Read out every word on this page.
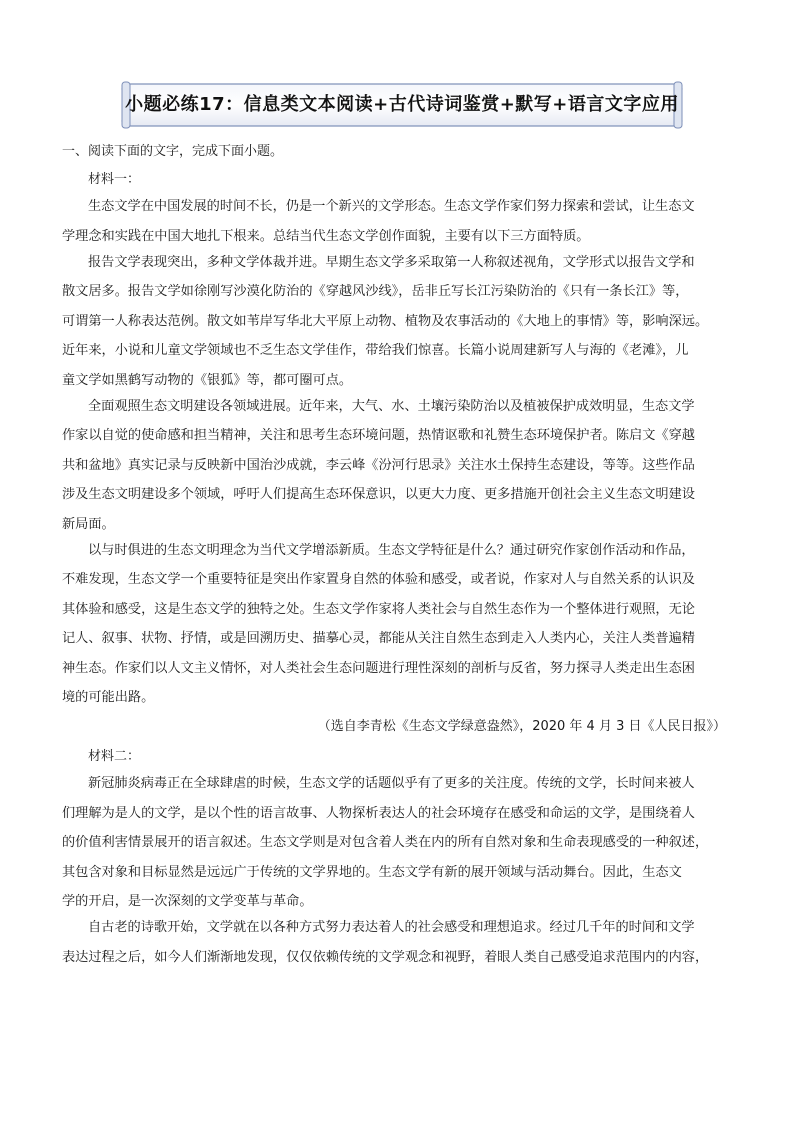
小题必练17：信息类文本阅读+古代诗词鉴赏+默写+语言文字应用

一、阅读下面的文字，完成下面小题。

材料一：

生态文学在中国发展的时间不长，仍是一个新兴的文学形态。生态文学作家们努力探索和尝试，让生态文

学理念和实践在中国大地扎下根来。总结当代生态文学创作面貌，主要有以下三方面特质。

报告文学表现突出，多种文学体裁并进。早期生态文学多采取第一人称叙述视角，文学形式以报告文学和

散文居多。报告文学如徐刚写沙漠化防治的《穿越风沙线》，岳非丘写长江污染防治的《只有一条长江》等，

可谓第一人称表达范例。散文如苇岸写华北大平原上动物、植物及农事活动的《大地上的事情》等，影响深远。

近年来，小说和儿童文学领域也不乏生态文学佳作，带给我们惊喜。长篇小说周建新写人与海的《老滩》，儿

童文学如黑鹤写动物的《银狐》等，都可圈可点。

全面观照生态文明建设各领域进展。近年来，大气、水、土壤污染防治以及植被保护成效明显，生态文学

作家以自觉的使命感和担当精神，关注和思考生态环境问题，热情讴歌和礼赞生态环境保护者。陈启文《穿越

共和盆地》真实记录与反映新中国治沙成就，李云峰《汾河行思录》关注水土保持生态建设，等等。这些作品

涉及生态文明建设多个领域，呼吁人们提高生态环保意识，以更大力度、更多措施开创社会主义生态文明建设

新局面。

以与时俱进的生态文明理念为当代文学增添新质。生态文学特征是什么？通过研究作家创作活动和作品，

不难发现，生态文学一个重要特征是突出作家置身自然的体验和感受，或者说，作家对人与自然关系的认识及

其体验和感受，这是生态文学的独特之处。生态文学作家将人类社会与自然生态作为一个整体进行观照，无论

记人、叙事、状物、抒情，或是回溯历史、描摹心灵，都能从关注自然生态到走入人类内心，关注人类普遍精

神生态。作家们以人文主义情怀，对人类社会生态问题进行理性深刻的剖析与反省，努力探寻人类走出生态困

境的可能出路。

（选自李青松《生态文学绿意盎然》，2020 年 4 月 3 日《人民日报》）

材料二：

新冠肺炎病毒正在全球肆虐的时候，生态文学的话题似乎有了更多的关注度。传统的文学，长时间来被人

们理解为是人的文学，是以个性的语言故事、人物探析表达人的社会环境存在感受和命运的文学，是围绕着人

的价值利害情景展开的语言叙述。生态文学则是对包含着人类在内的所有自然对象和生命表现感受的一种叙述，

其包含对象和目标显然是远远广于传统的文学界地的。生态文学有新的展开领域与活动舞台。因此，生态文

学的开启，是一次深刻的文学变革与革命。

自古老的诗歌开始，文学就在以各种方式努力表达着人的社会感受和理想追求。经过几千年的时间和文学

表达过程之后，如今人们渐渐地发现，仅仅依赖传统的文学观念和视野，着眼人类自己感受追求范围内的内容，
